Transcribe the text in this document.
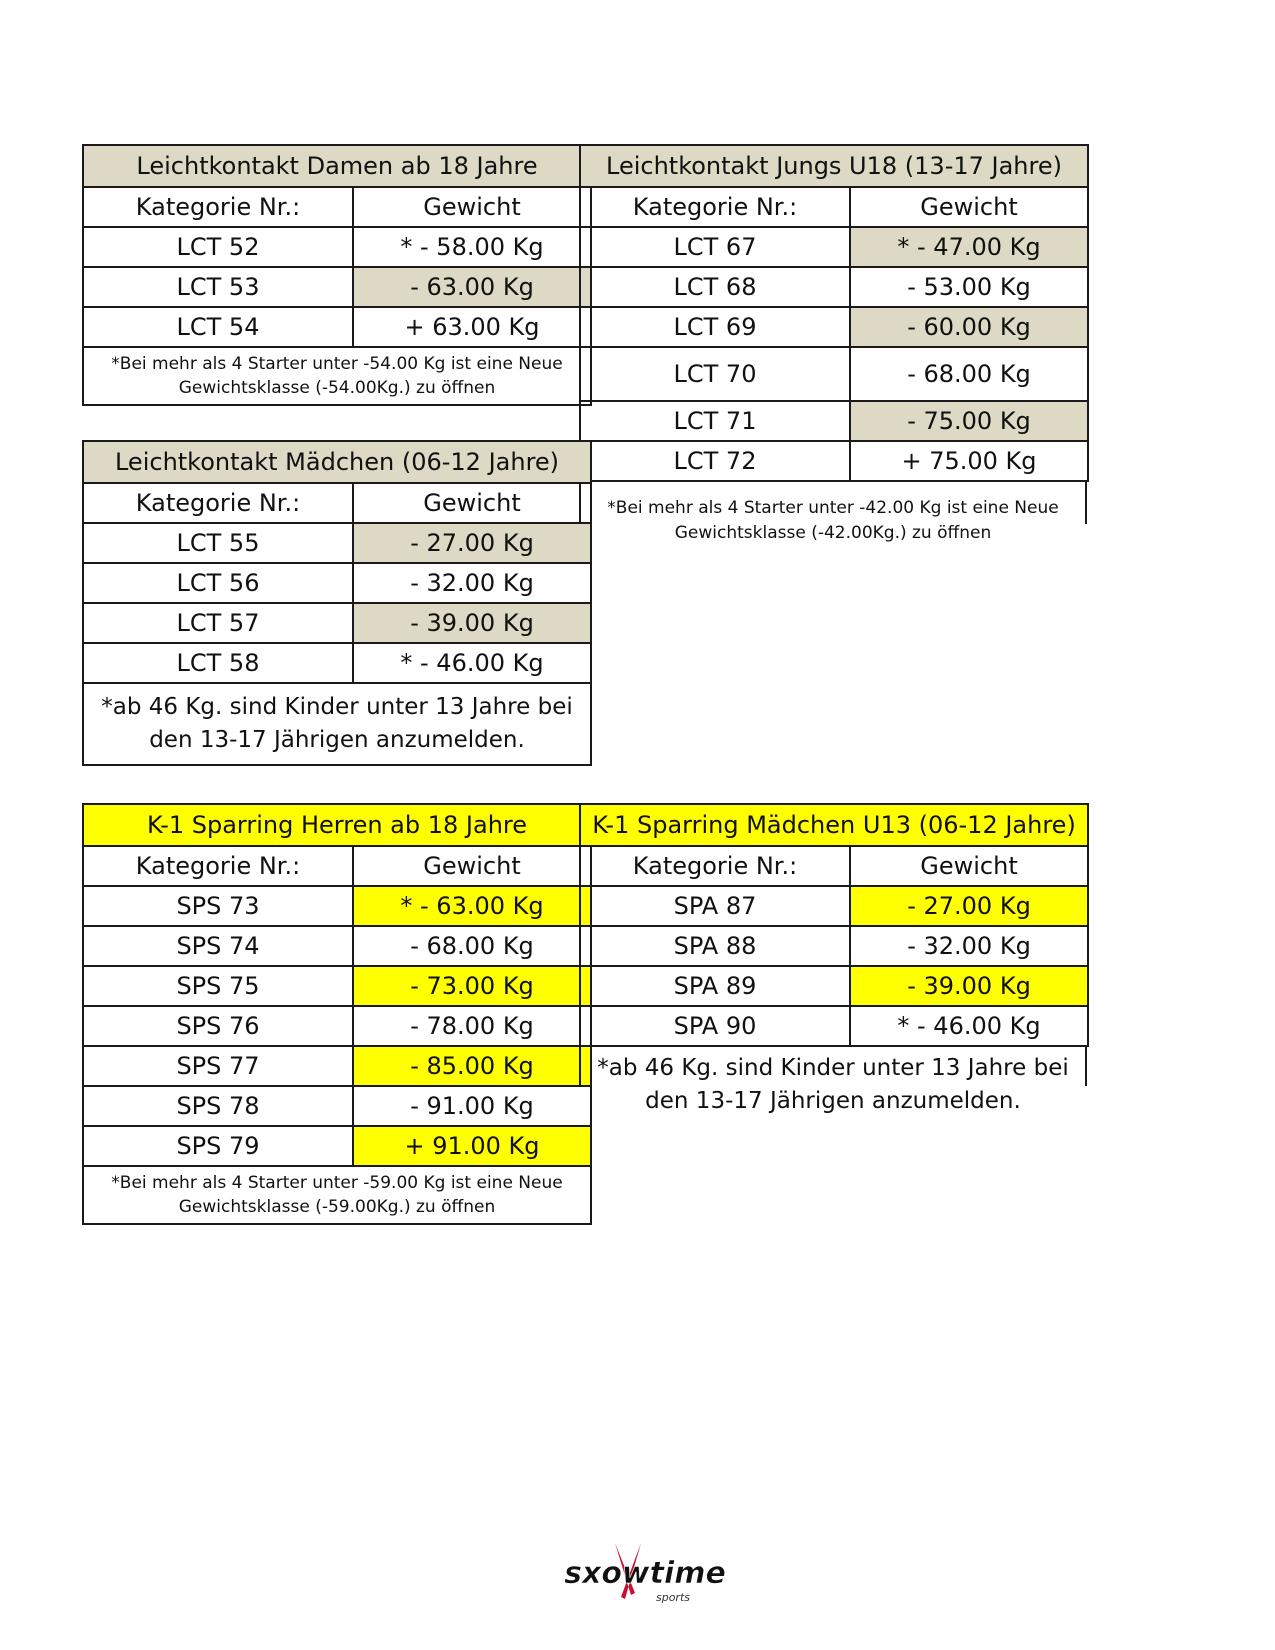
Leichtkontakt Damen ab 18 Jahre	
Kategorie Nr.:	Gewicht
LCT 52	* - 58.00 Kg
LCT 53	- 63.00 Kg
LCT 54	+ 63.00 Kg

*Bei mehr als 4 Starter unter -54.00 Kg ist eine Neue
Gewichtsklasse (-54.00Kg.) zu öffnen	
Leichtkontakt Jungs U18 (13-17 Jahre)	
Kategorie Nr.:	Gewicht
LCT 67	* - 47.00 Kg
LCT 68	- 53.00 Kg
LCT 69	- 60.00 Kg
LCT 70	- 68.00 Kg
LCT 71	- 75.00 Kg
LCT 72	+ 75.00 Kg
*Bei mehr als 4 Starter unter -42.00 Kg ist eine Neue
Gewichtsklasse (-42.00Kg.) zu öffnen
Leichtkontakt Mädchen (06-12 Jahre)	
Kategorie Nr.:	Gewicht
LCT 55	- 27.00 Kg
LCT 56	- 32.00 Kg
LCT 57	- 39.00 Kg
LCT 58	* - 46.00 Kg

*ab 46 Kg. sind Kinder unter 13 Jahre bei
den 13-17 Jährigen anzumelden.	
K-1 Sparring Herren ab 18 Jahre	
Kategorie Nr.:	Gewicht
SPS 73	* - 63.00 Kg
SPS 74	- 68.00 Kg
SPS 75	- 73.00 Kg
SPS 76	- 78.00 Kg
SPS 77	- 85.00 Kg
SPS 78	- 91.00 Kg
SPS 79	+ 91.00 Kg

*Bei mehr als 4 Starter unter -59.00 Kg ist eine Neue
Gewichtsklasse (-59.00Kg.) zu öffnen	
K-1 Sparring Mädchen U13 (06-12 Jahre)	
Kategorie Nr.:	Gewicht
SPA 87	- 27.00 Kg
SPA 88	- 32.00 Kg
SPA 89	- 39.00 Kg
SPA 90	* - 46.00 Kg
*ab 46 Kg. sind Kinder unter 13 Jahre bei
den 13-17 Jährigen anzumelden.
sxowtime
sports
